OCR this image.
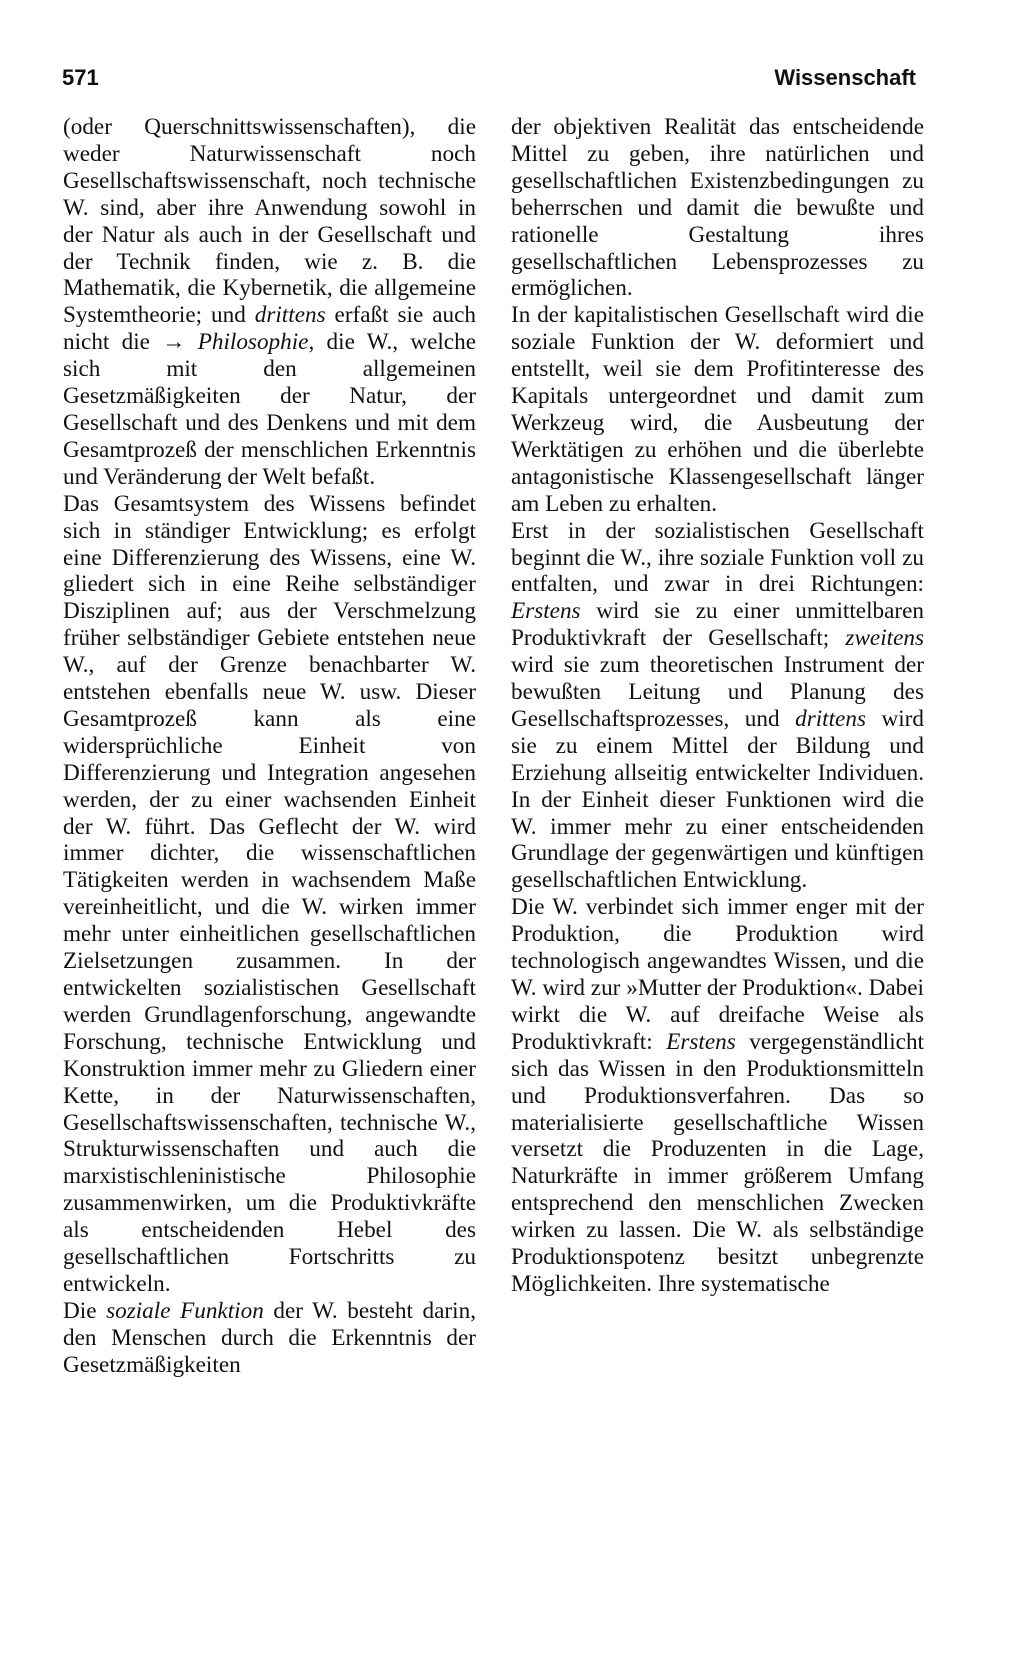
571	Wissenschaft

(oder Querschnittswissenschaften), die weder Naturwissenschaft noch Gesellschaftswissenschaft, noch technische W. sind, aber ihre Anwendung sowohl in der Natur als auch in der Gesellschaft und der Technik finden, wie z. B. die Mathematik, die Kybernetik, die allgemeine Systemtheorie; und drittens erfaßt sie auch nicht die → Philosophie, die W., welche sich mit den allgemeinen Gesetzmäßigkeiten der Natur, der Gesellschaft und des Denkens und mit dem Gesamtprozeß der menschlichen Erkenntnis und Veränderung der Welt befaßt.

Das Gesamtsystem des Wissens befindet sich in ständiger Entwicklung; es erfolgt eine Differenzierung des Wissens, eine W. gliedert sich in eine Reihe selbständiger Disziplinen auf; aus der Verschmelzung früher selbständiger Gebiete entstehen neue W., auf der Grenze benachbarter W. entstehen ebenfalls neue W. usw. Dieser Gesamtprozeß kann als eine widersprüchliche Einheit von Differenzierung und Integration angesehen werden, der zu einer wachsenden Einheit der W. führt. Das Geflecht der W. wird immer dichter, die wissenschaftlichen Tätigkeiten werden in wachsendem Maße vereinheitlicht, und die W. wirken immer mehr unter einheitlichen gesellschaftlichen Zielsetzungen zusammen. In der entwickelten sozialistischen Gesellschaft werden Grundlagenforschung, angewandte Forschung, technische Entwicklung und Konstruktion immer mehr zu Gliedern einer Kette, in der Naturwissenschaften, Gesellschaftswissenschaften, technische W., Strukturwissenschaften und auch die marxistischleninistische Philosophie zusammenwirken, um die Produktivkräfte als entscheidenden Hebel des gesellschaftlichen Fortschritts zu entwickeln.

Die soziale Funktion der W. besteht darin, den Menschen durch die Erkenntnis der Gesetzmäßigkeiten

der objektiven Realität das entscheidende Mittel zu geben, ihre natürlichen und gesellschaftlichen Existenzbedingungen zu beherrschen und damit die bewußte und rationelle Gestaltung ihres gesellschaftlichen Lebensprozesses zu ermöglichen.

In der kapitalistischen Gesellschaft wird die soziale Funktion der W. deformiert und entstellt, weil sie dem Profitinteresse des Kapitals untergeordnet und damit zum Werkzeug wird, die Ausbeutung der Werktätigen zu erhöhen und die überlebte antagonistische Klassengesellschaft länger am Leben zu erhalten.

Erst in der sozialistischen Gesellschaft beginnt die W., ihre soziale Funktion voll zu entfalten, und zwar in drei Richtungen: Erstens wird sie zu einer unmittelbaren Produktivkraft der Gesellschaft; zweitens wird sie zum theoretischen Instrument der bewußten Leitung und Planung des Gesellschaftsprozesses, und drittens wird sie zu einem Mittel der Bildung und Erziehung allseitig entwickelter Individuen. In der Einheit dieser Funktionen wird die W. immer mehr zu einer entscheidenden Grundlage der gegenwärtigen und künftigen gesellschaftlichen Entwicklung.

Die W. verbindet sich immer enger mit der Produktion, die Produktion wird technologisch angewandtes Wissen, und die W. wird zur »Mutter der Produktion«. Dabei wirkt die W. auf dreifache Weise als Produktivkraft: Erstens vergegenständlicht sich das Wissen in den Produktionsmitteln und Produktionsverfahren. Das so materialisierte gesellschaftliche Wissen versetzt die Produzenten in die Lage, Naturkräfte in immer größerem Umfang entsprechend den menschlichen Zwecken wirken zu lassen. Die W. als selbständige Produktionspotenz besitzt unbegrenzte Möglichkeiten. Ihre systematische
